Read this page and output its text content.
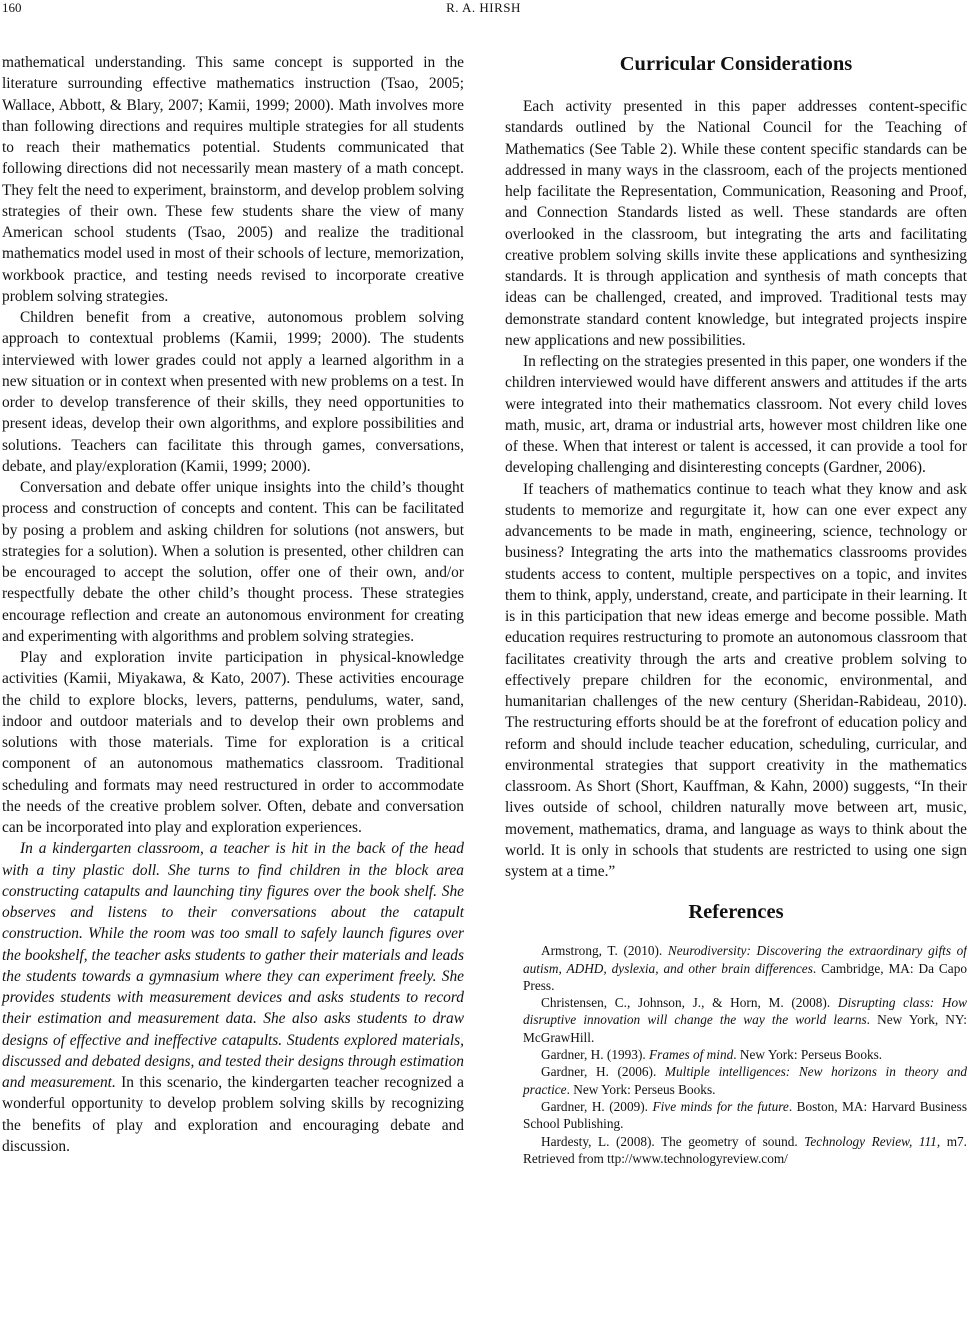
160	R. A. HIRSH

mathematical understanding. This same concept is supported in the literature surrounding effective mathematics instruction (Tsao, 2005; Wallace, Abbott, & Blary, 2007; Kamii, 1999; 2000). Math involves more than following directions and requires multiple strategies for all students to reach their mathematics potential. Students communicated that following directions did not necessarily mean mastery of a math concept. They felt the need to experiment, brainstorm, and develop problem solving strategies of their own. These few students share the view of many American school students (Tsao, 2005) and realize the traditional mathematics model used in most of their schools of lecture, memorization, workbook practice, and testing needs revised to incorporate creative problem solving strategies.

Children benefit from a creative, autonomous problem solving approach to contextual problems (Kamii, 1999; 2000). The students interviewed with lower grades could not apply a learned algorithm in a new situation or in context when presented with new problems on a test. In order to develop transference of their skills, they need opportunities to present ideas, develop their own algorithms, and explore possibilities and solutions. Teachers can facilitate this through games, conversations, debate, and play/exploration (Kamii, 1999; 2000).

Conversation and debate offer unique insights into the child’s thought process and construction of concepts and content. This can be facilitated by posing a problem and asking children for solutions (not answers, but strategies for a solution). When a solution is presented, other children can be encouraged to accept the solution, offer one of their own, and/or respectfully debate the other child’s thought process. These strategies encourage reflection and create an autonomous environment for creating and experimenting with algorithms and problem solving strategies.

Play and exploration invite participation in physical-knowledge activities (Kamii, Miyakawa, & Kato, 2007). These activities encourage the child to explore blocks, levers, patterns, pendulums, water, sand, indoor and outdoor materials and to develop their own problems and solutions with those materials. Time for exploration is a critical component of an autonomous mathematics classroom. Traditional scheduling and formats may need restructured in order to accommodate the needs of the creative problem solver. Often, debate and conversation can be incorporated into play and exploration experiences.

In a kindergarten classroom, a teacher is hit in the back of the head with a tiny plastic doll. She turns to find children in the block area constructing catapults and launching tiny figures over the book shelf. She observes and listens to their conversations about the catapult construction. While the room was too small to safely launch figures over the bookshelf, the teacher asks students to gather their materials and leads the students towards a gymnasium where they can experiment freely. She provides students with measurement devices and asks students to record their estimation and measurement data. She also asks students to draw designs of effective and ineffective catapults. Students explored materials, discussed and debated designs, and tested their designs through estimation and measurement. In this scenario, the kindergarten teacher recognized a wonderful opportunity to develop problem solving skills by recognizing the benefits of play and exploration and encouraging debate and discussion.

Curricular Considerations

Each activity presented in this paper addresses content-specific standards outlined by the National Council for the Teaching of Mathematics (See Table 2). While these content specific standards can be addressed in many ways in the classroom, each of the projects mentioned help facilitate the Representation, Communication, Reasoning and Proof, and Connection Standards listed as well. These standards are often overlooked in the classroom, but integrating the arts and facilitating creative problem solving skills invite these applications and synthesizing standards. It is through application and synthesis of math concepts that ideas can be challenged, created, and improved. Traditional tests may demonstrate standard content knowledge, but integrated projects inspire new applications and new possibilities.

In reflecting on the strategies presented in this paper, one wonders if the children interviewed would have different answers and attitudes if the arts were integrated into their mathematics classroom. Not every child loves math, music, art, drama or industrial arts, however most children like one of these. When that interest or talent is accessed, it can provide a tool for developing challenging and disinteresting concepts (Gardner, 2006).

If teachers of mathematics continue to teach what they know and ask students to memorize and regurgitate it, how can one ever expect any advancements to be made in math, engineering, science, technology or business? Integrating the arts into the mathematics classrooms provides students access to content, multiple perspectives on a topic, and invites them to think, apply, understand, create, and participate in their learning. It is in this participation that new ideas emerge and become possible. Math education requires restructuring to promote an autonomous classroom that facilitates creativity through the arts and creative problem solving to effectively prepare children for the economic, environmental, and humanitarian challenges of the new century (Sheridan-Rabideau, 2010). The restructuring efforts should be at the forefront of education policy and reform and should include teacher education, scheduling, curricular, and environmental strategies that support creativity in the mathematics classroom. As Short (Short, Kauffman, & Kahn, 2000) suggests, “In their lives outside of school, children naturally move between art, music, movement, mathematics, drama, and language as ways to think about the world. It is only in schools that students are restricted to using one sign system at a time.”

References

Armstrong, T. (2010). Neurodiversity: Discovering the extraordinary gifts of autism, ADHD, dyslexia, and other brain differences. Cambridge, MA: Da Capo Press.

Christensen, C., Johnson, J., & Horn, M. (2008). Disrupting class: How disruptive innovation will change the way the world learns. New York, NY: McGrawHill.

Gardner, H. (1993). Frames of mind. New York: Perseus Books.

Gardner, H. (2006). Multiple intelligences: New horizons in theory and practice. New York: Perseus Books.

Gardner, H. (2009). Five minds for the future. Boston, MA: Harvard Business School Publishing.

Hardesty, L. (2008). The geometry of sound. Technology Review, 111, m7. Retrieved from ttp://www.technologyreview.com/
